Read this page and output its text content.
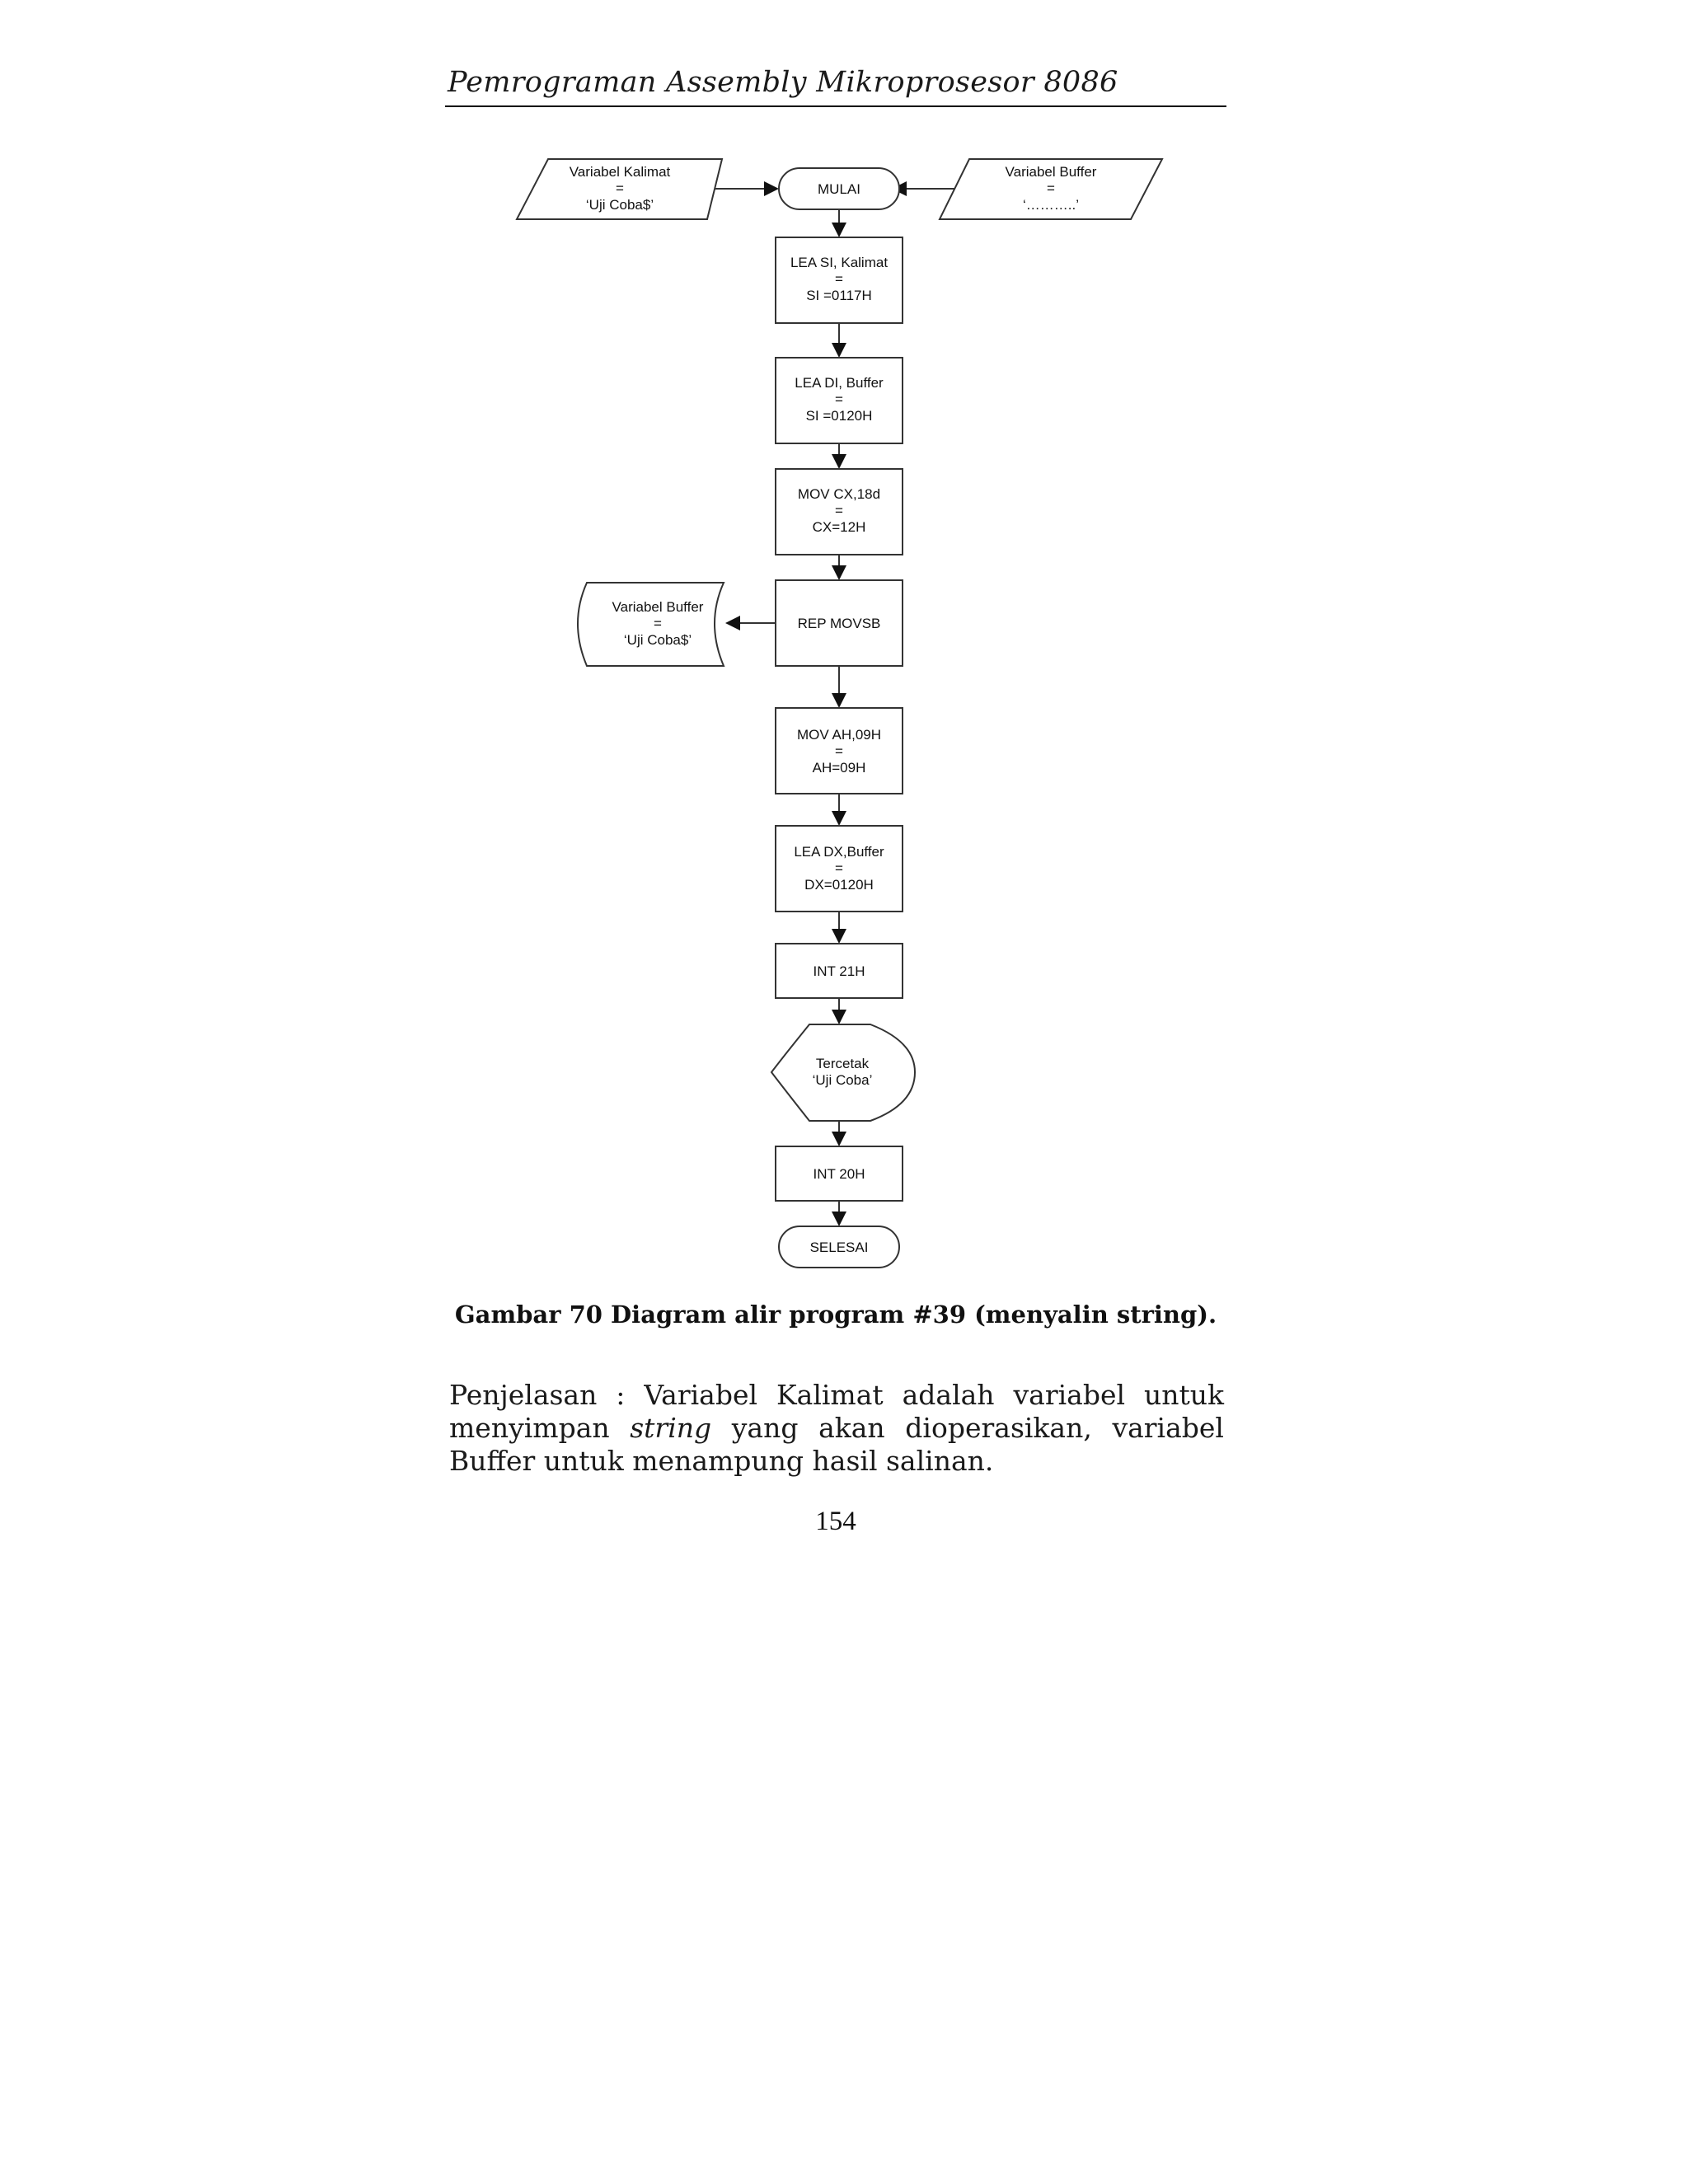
Pemrograman Assembly Mikroprosesor 8086
Variabel Kalimat
=
‘Uji Coba$’
MULAI
Variabel Buffer
=
‘………..’
LEA SI, Kalimat
=
SI =0117H
LEA DI, Buffer
=
SI =0120H
MOV CX,18d
=
CX=12H
REP MOVSB
Variabel Buffer
=
‘Uji Coba$’
MOV AH,09H
=
AH=09H
LEA DX,Buffer
=
DX=0120H
INT 21H
Tercetak
‘Uji Coba’
INT 20H
SELESAI
Gambar 70 Diagram alir program #39 (menyalin string).

Penjelasan : Variabel Kalimat adalah variabel untuk menyimpan string yang akan dioperasikan, variabel Buffer untuk menampung hasil salinan.

154
